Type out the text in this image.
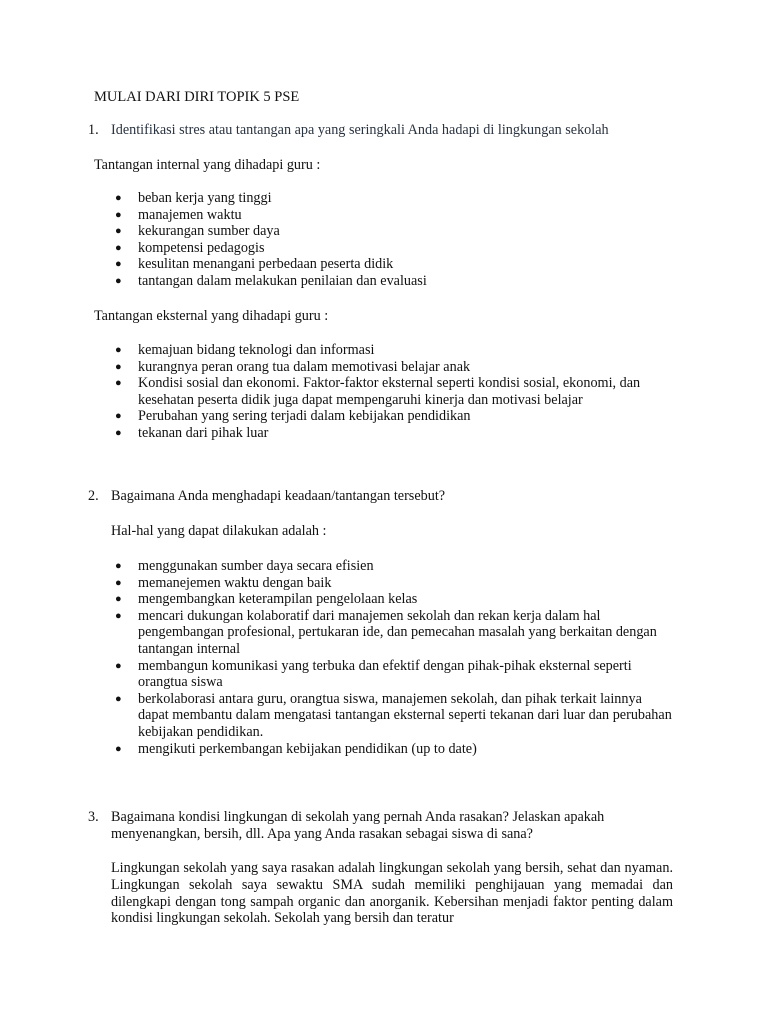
MULAI DARI DIRI TOPIK 5 PSE
1. Identifikasi stres atau tantangan apa yang seringkali Anda hadapi di lingkungan sekolah
Tantangan internal yang dihadapi guru :
● beban kerja yang tinggi
● manajemen waktu
● kekurangan sumber daya
● kompetensi pedagogis
● kesulitan menangani perbedaan peserta didik
● tantangan dalam melakukan penilaian dan evaluasi
Tantangan eksternal yang dihadapi guru :
● kemajuan bidang teknologi dan informasi
● kurangnya peran orang tua dalam memotivasi belajar anak
● Kondisi sosial dan ekonomi. Faktor-faktor eksternal seperti kondisi sosial, ekonomi, dan kesehatan peserta didik juga dapat mempengaruhi kinerja dan motivasi belajar
● Perubahan yang sering terjadi dalam kebijakan pendidikan
● tekanan dari pihak luar
2. Bagaimana Anda menghadapi keadaan/tantangan tersebut?
Hal-hal yang dapat dilakukan adalah :
● menggunakan sumber daya secara efisien
● memanejemen waktu dengan baik
● mengembangkan keterampilan pengelolaan kelas
● mencari dukungan kolaboratif dari manajemen sekolah dan rekan kerja dalam hal pengembangan profesional, pertukaran ide, dan pemecahan masalah yang berkaitan dengan tantangan internal
● membangun komunikasi yang terbuka dan efektif dengan pihak-pihak eksternal seperti orangtua siswa
● berkolaborasi antara guru, orangtua siswa, manajemen sekolah, dan pihak terkait lainnya dapat membantu dalam mengatasi tantangan eksternal seperti tekanan dari luar dan perubahan kebijakan pendidikan.
● mengikuti perkembangan kebijakan pendidikan (up to date)
3. Bagaimana kondisi lingkungan di sekolah yang pernah Anda rasakan? Jelaskan apakah menyenangkan, bersih, dll. Apa yang Anda rasakan sebagai siswa di sana?
Lingkungan sekolah yang saya rasakan adalah lingkungan sekolah yang bersih, sehat dan nyaman. Lingkungan sekolah saya sewaktu SMA sudah memiliki penghijauan yang memadai dan dilengkapi dengan tong sampah organic dan anorganik. Kebersihan menjadi faktor penting dalam kondisi lingkungan sekolah. Sekolah yang bersih dan teratur
